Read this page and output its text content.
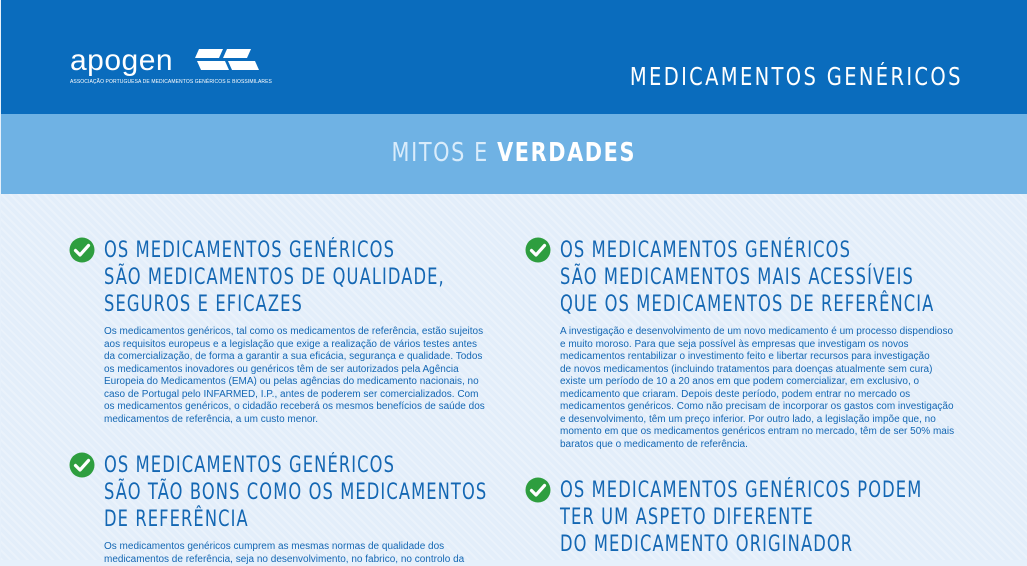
apogen
ASSOCIAÇÃO PORTUGUESA DE MEDICAMENTOS GENÉRICOS E BIOSSIMILARES	MEDICAMENTOS GENÉRICOS
MITOS E VERDADES
OS MEDICAMENTOS GENÉRICOS
SÃO MEDICAMENTOS DE QUALIDADE,
SEGUROS E EFICAZES
Os medicamentos genéricos, tal como os medicamentos de referência, estão sujeitos
aos requisitos europeus e a legislação que exige a realização de vários testes antes
da comercialização, de forma a garantir a sua eficácia, segurança e qualidade. Todos
os medicamentos inovadores ou genéricos têm de ser autorizados pela Agência
Europeia do Medicamentos (EMA) ou pelas agências do medicamento nacionais, no
caso de Portugal pelo INFARMED, I.P., antes de poderem ser comercializados. Com
os medicamentos genéricos, o cidadão receberá os mesmos benefícios de saúde dos
medicamentos de referência, a um custo menor.
OS MEDICAMENTOS GENÉRICOS
SÃO MEDICAMENTOS MAIS ACESSÍVEIS
QUE OS MEDICAMENTOS DE REFERÊNCIA
A investigação e desenvolvimento de um novo medicamento é um processo dispendioso
e muito moroso. Para que seja possível às empresas que investigam os novos
medicamentos rentabilizar o investimento feito e libertar recursos para investigação
de novos medicamentos (incluindo tratamentos para doenças atualmente sem cura)
existe um período de 10 a 20 anos em que podem comercializar, em exclusivo, o
medicamento que criaram. Depois deste período, podem entrar no mercado os
medicamentos genéricos. Como não precisam de incorporar os gastos com investigação
e desenvolvimento, têm um preço inferior. Por outro lado, a legislação impõe que, no
momento em que os medicamentos genéricos entram no mercado, têm de ser 50% mais
baratos que o medicamento de referência.
OS MEDICAMENTOS GENÉRICOS
SÃO TÃO BONS COMO OS MEDICAMENTOS
DE REFERÊNCIA
Os medicamentos genéricos cumprem as mesmas normas de qualidade dos
medicamentos de referência, seja no desenvolvimento, no fabrico, no controlo da
OS MEDICAMENTOS GENÉRICOS PODEM
TER UM ASPETO DIFERENTE
DO MEDICAMENTO ORIGINADOR
